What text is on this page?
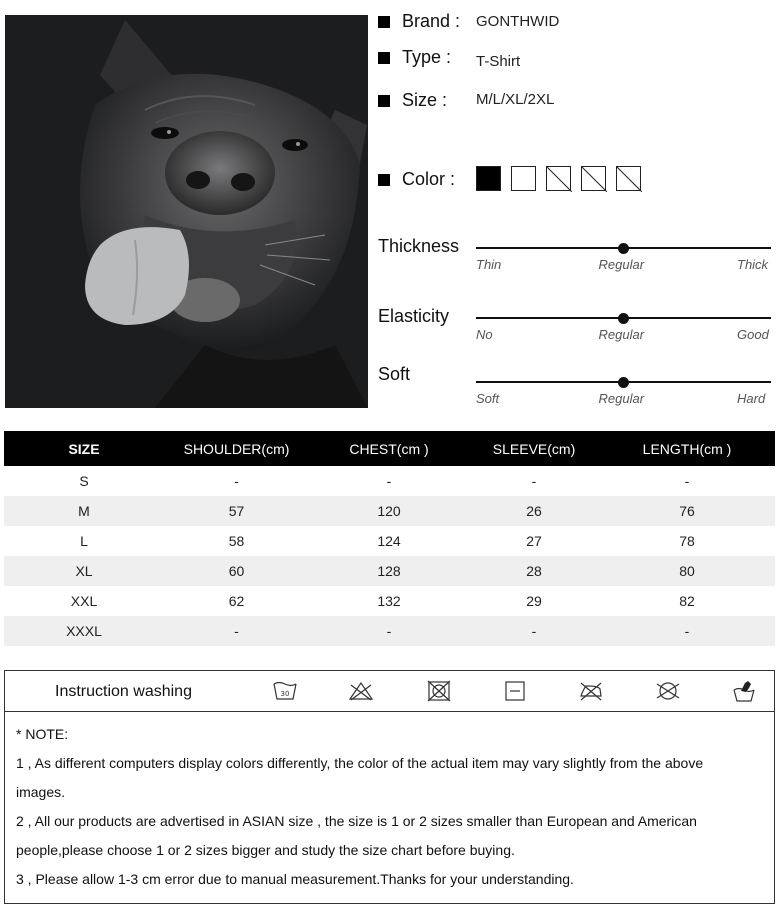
Brand : GONTHWID
Type : T-Shirt
Size : M/L/XL/2XL
Color :
Thickness
Thin	Regular	Thick
Elasticity
No	Regular	Good
Soft
Soft	Regular	Hard
SIZE	SHOULDER(cm)	CHEST(cm )	SLEEVE(cm)	LENGTH(cm )
S	-	-	-	-
M	57	120	26	76
L	58	124	27	78
XL	60	128	28	80
XXL	62	132	29	82
XXXL	-	-	-	-
Instruction washing	30
* NOTE:
1 , As different computers display colors differently, the color of the actual item may vary slightly from the above
images.
2 , All our products are advertised in ASIAN size , the size is 1 or 2 sizes smaller than European and American
people,please choose 1 or 2 sizes bigger and study the size chart before buying.
3 , Please allow 1-3 cm error due to manual measurement.Thanks for your understanding.
